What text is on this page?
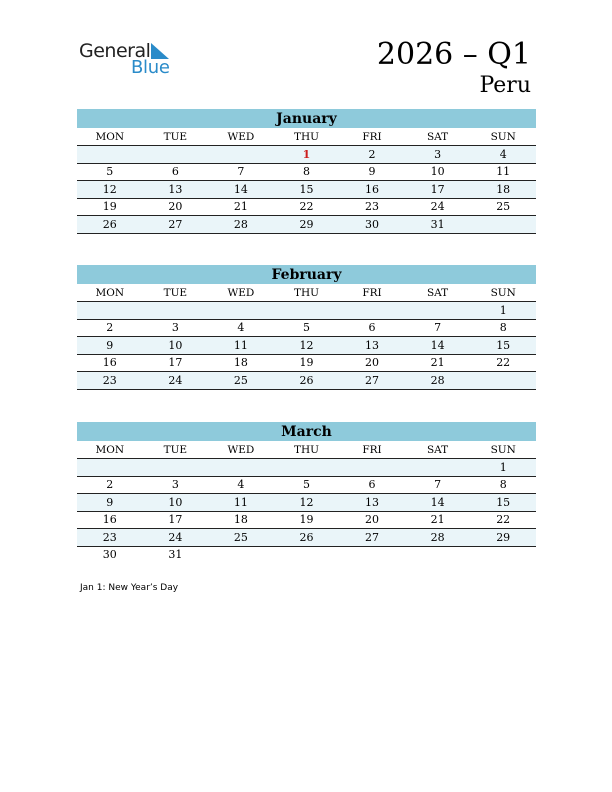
General
Blue	2026 – Q1
Peru
January
MON	TUE	WED	THU	FRI	SAT	SUN
			1	2	3	4
5	6	7	8	9	10	11
12	13	14	15	16	17	18
19	20	21	22	23	24	25
26	27	28	29	30	31	
February
MON	TUE	WED	THU	FRI	SAT	SUN
						1
2	3	4	5	6	7	8
9	10	11	12	13	14	15
16	17	18	19	20	21	22
23	24	25	26	27	28	
March
MON	TUE	WED	THU	FRI	SAT	SUN
						1
2	3	4	5	6	7	8
9	10	11	12	13	14	15
16	17	18	19	20	21	22
23	24	25	26	27	28	29
30	31					
Jan 1: New Year’s Day
